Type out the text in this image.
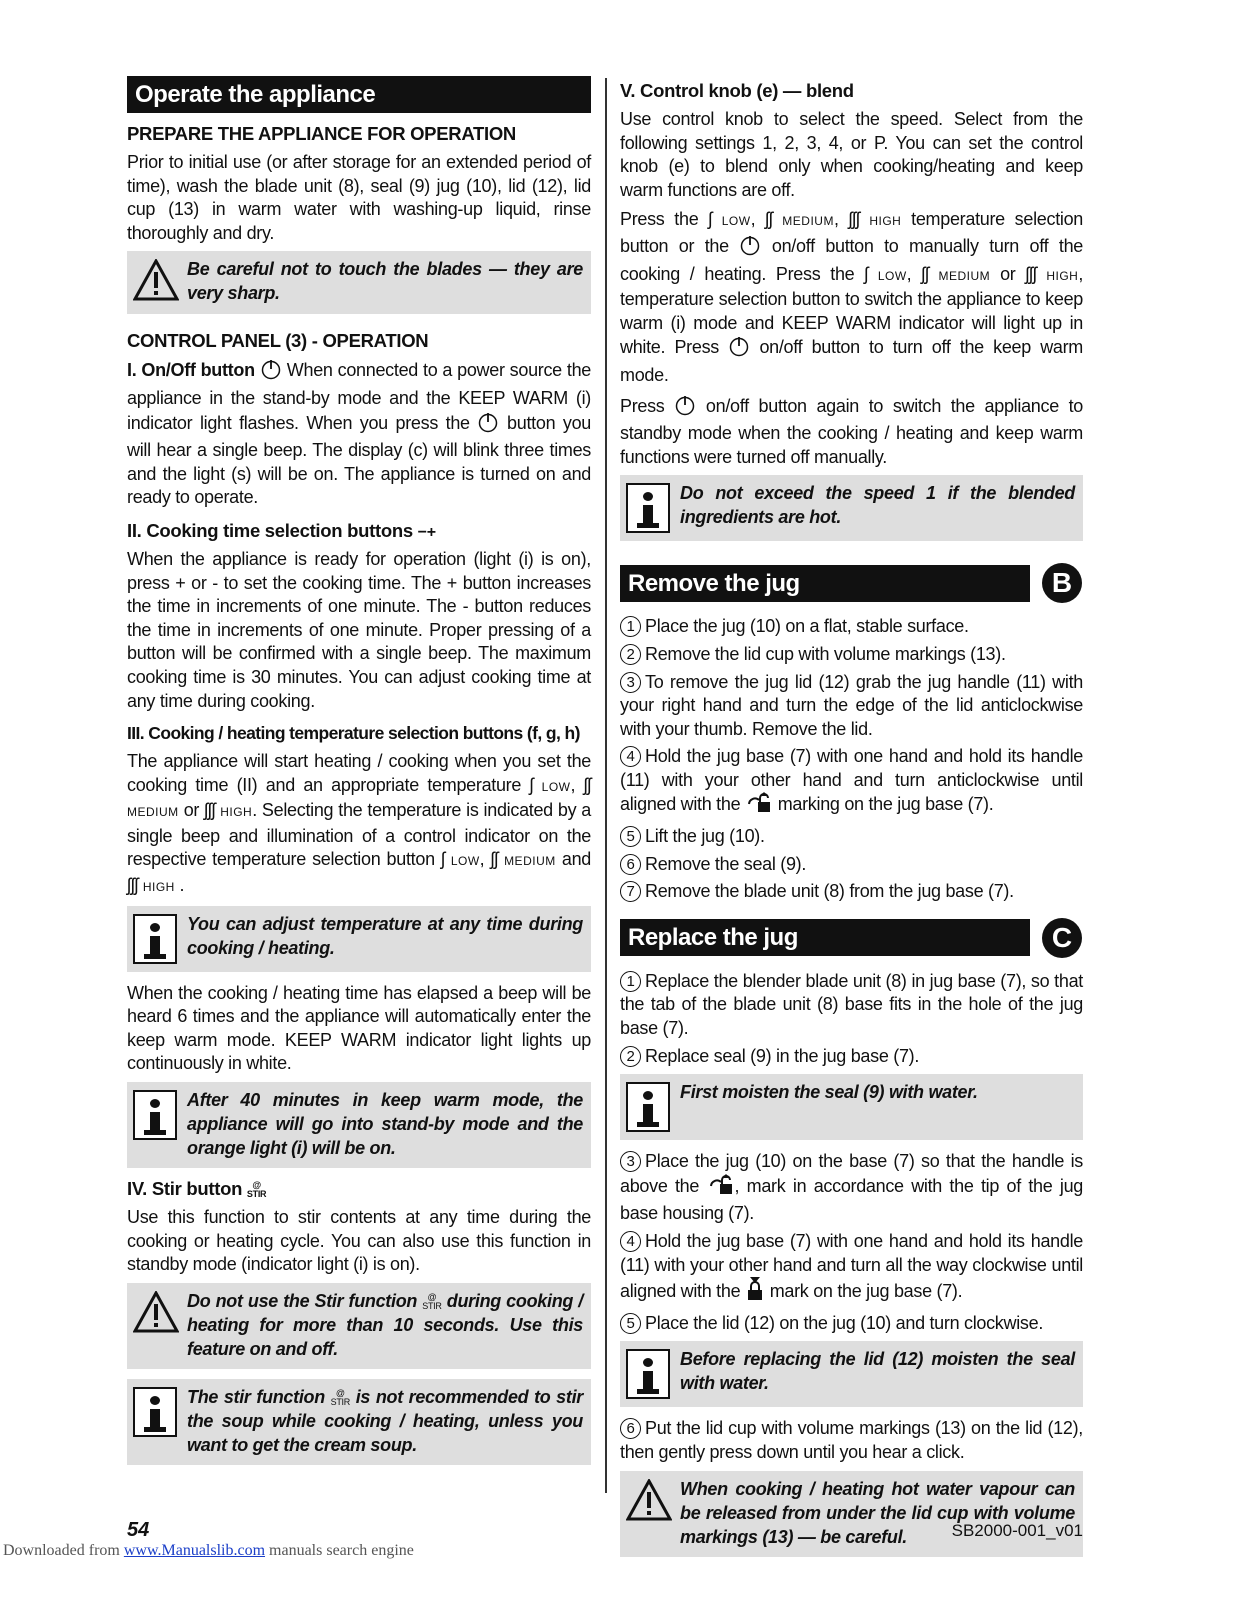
Operate the appliance
PREPARE THE APPLIANCE FOR OPERATION

Prior to initial use (or after storage for an extended period of time), wash the blade unit (8), seal (9) jug (10), lid (12), lid cup (13) in warm water with washing-up liquid, rinse thoroughly and dry.

Be careful not to touch the blades — they are very sharp.
CONTROL PANEL (3) - OPERATION

I. On/Off button When connected to a power source the appliance in the stand-by mode and the KEEP WARM (i) indicator light flashes. When you press the button you will hear a single beep. The display (c) will blink three times and the light (s) will be on. The appliance is turned on and ready to operate.

II. Cooking time selection buttons −+

When the appliance is ready for operation (light (i) is on), press + or - to set the cooking time. The + button increases the time in increments of one minute. The - button reduces the time in increments of one minute. Proper pressing of a button will be confirmed with a single beep. The maximum cooking time is 30 minutes. You can adjust cooking time at any time during cooking.

III. Cooking / heating temperature selection buttons (f, g, h)

The appliance will start heating / cooking when you set the cooking time (II) and an appropriate temperature ʃ LOW, ʃʃ MEDIUM or ʃʃʃ HIGH. Selecting the temperature is indicated by a single beep and illumination of a control indicator on the respective temperature selection button ʃ LOW, ʃʃ MEDIUM and ʃʃʃ HIGH .

You can adjust temperature at any time during cooking / heating.

When the cooking / heating time has elapsed a beep will be heard 6 times and the appliance will automatically enter the keep warm mode. KEEP WARM indicator light lights up continuously in white.

After 40 minutes in keep warm mode, the appliance will go into stand-by mode and the orange light (i) will be on.
IV. Stir button @
STIR

Use this function to stir contents at any time during the cooking or heating cycle. You can also use this function in standby mode (indicator light (i) is on).

Do not use the Stir function @
STIR during cooking / heating for more than 10 seconds. Use this feature on and off.
The stir function @
STIR is not recommended to stir the soup while cooking / heating, unless you want to get the cream soup.
V. Control knob (e) — blend

Use control knob to select the speed. Select from the following settings 1, 2, 3, 4, or P. You can set the control knob (e) to blend only when cooking/heating and keep warm functions are off.

Press the ʃ LOW, ʃʃ MEDIUM, ʃʃʃ HIGH temperature selection button or the on/off button to manually turn off the cooking / heating. Press the ʃ LOW, ʃʃ MEDIUM or ʃʃʃ HIGH, temperature selection button to switch the appliance to keep warm (i) mode and KEEP WARM indicator will light up in white. Press on/off button to turn off the keep warm mode.

Press on/off button again to switch the appliance to standby mode when the cooking / heating and keep warm functions were turned off manually.

Do not exceed the speed 1 if the blended ingredients are hot.
Remove the jug	B

1 Place the jug (10) on a flat, stable surface.

2 Remove the lid cup with volume markings (13).

3 To remove the jug lid (12) grab the jug handle (11) with your right hand and turn the edge of the lid anticlockwise with your thumb. Remove the lid.

4 Hold the jug base (7) with one hand and hold its handle (11) with your other hand and turn anticlockwise until aligned with the marking on the jug base (7).

5 Lift the jug (10).

6 Remove the seal (9).

7 Remove the blade unit (8) from the jug base (7).

Replace the jug	C

1 Replace the blender blade unit (8) in jug base (7), so that the tab of the blade unit (8) base fits in the hole of the jug base (7).

2 Replace seal (9) in the jug base (7).

First moisten the seal (9) with water.

3 Place the jug (10) on the base (7) so that the handle is above the , mark in accordance with the tip of the jug base housing (7).

4 Hold the jug base (7) with one hand and hold its handle (11) with your other hand and turn all the way clockwise until aligned with the mark on the jug base (7).

5 Place the lid (12) on the jug (10) and turn clockwise.

Before replacing the lid (12) moisten the seal with water.

6 Put the lid cup with volume markings (13) on the lid (12), then gently press down until you hear a click.

When cooking / heating hot water vapour can be released from under the lid cup with volume markings (13) — be careful.
54	SB2000-001_v01
Downloaded from www.Manualslib.com manuals search engine
